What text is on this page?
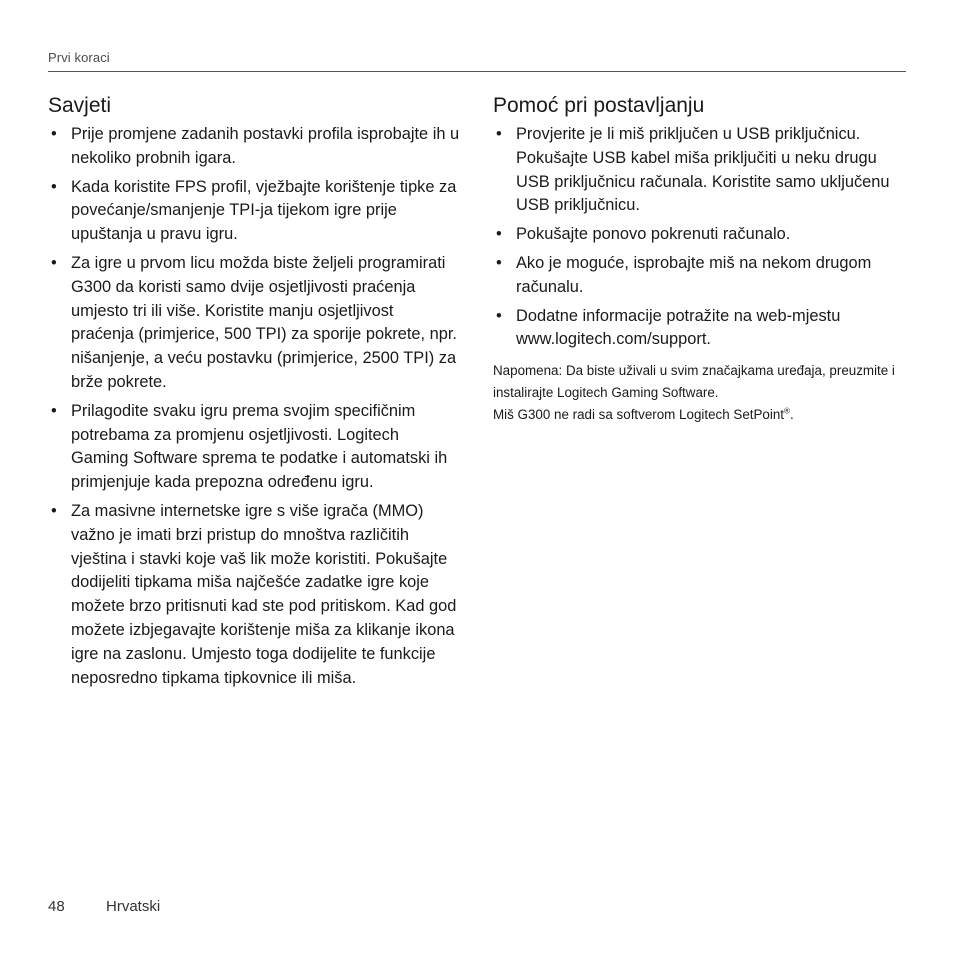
Prvi koraci
Savjeti
• Prije promjene zadanih postavki profila isprobajte ih u nekoliko probnih igara.
• Kada koristite FPS profil, vježbajte korištenje tipke za povećanje/smanjenje TPI-ja tijekom igre prije upuštanja u pravu igru.
• Za igre u prvom licu možda biste željeli programirati G300 da koristi samo dvije osjetljivosti praćenja umjesto tri ili više. Koristite manju osjetljivost praćenja (primjerice, 500 TPI) za sporije pokrete, npr. nišanjenje, a veću postavku (primjerice, 2500 TPI) za brže pokrete.
• Prilagodite svaku igru prema svojim specifičnim potrebama za promjenu osjetljivosti. Logitech Gaming Software sprema te podatke i automatski ih primjenjuje kada prepozna određenu igru.
• Za masivne internetske igre s više igrača (MMO) važno je imati brzi pristup do mnoštva različitih vještina i stavki koje vaš lik može koristiti. Pokušajte dodijeliti tipkama miša najčešće zadatke igre koje možete brzo pritisnuti kad ste pod pritiskom. Kad god možete izbjegavajte korištenje miša za klikanje ikona igre na zaslonu. Umjesto toga dodijelite te funkcije neposredno tipkama tipkovnice ili miša.
Pomoć pri postavljanju
• Provjerite je li miš priključen u USB priključnicu. Pokušajte USB kabel miša priključiti u neku drugu USB priključnicu računala. Koristite samo uključenu USB priključnicu.
• Pokušajte ponovo pokrenuti računalo.
• Ako je moguće, isprobajte miš na nekom drugom računalu.
• Dodatne informacije potražite na web-mjestu www.logitech.com/support.
Napomena: Da biste uživali u svim značajkama uređaja, preuzmite i instalirajte Logitech Gaming Software.
Miš G300 ne radi sa softverom Logitech SetPoint®.
48	Hrvatski
